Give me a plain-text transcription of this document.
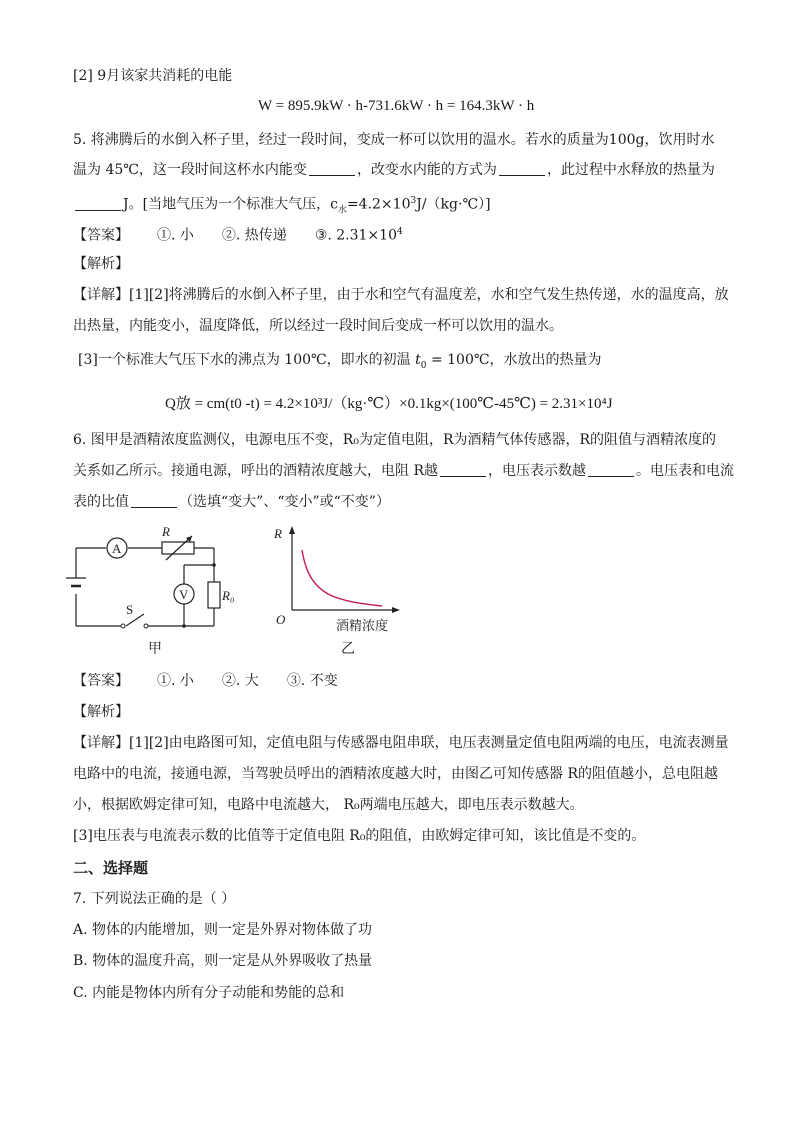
[2] 9月该家共消耗的电能
W = 895.9kW · h-731.6kW · h = 164.3kW · h
5. 将沸腾后的水倒入杯子里，经过一段时间，变成一杯可以饮用的温水。若水的质量为100g，饮用时水
温为 45℃，这一段时间这杯水内能变	，改变水内能的方式为	，此过程中水释放的热量为
J。[当地气压为一个标准大气压，$c_水=4.2\times 10^3J/(kg\cdot℃)$]
【答案】 ①. 小 ②. 热传递 ③. $2.31\times 10^4$
【解析】
【详解】[1][2]将沸腾后的水倒入杯子里，由于水和空气有温度差，水和空气发生热传递，水的温度高，放
出热量，内能变小，温度降低，所以经过一段时间后变成一杯可以饮用的温水。
[3]一个标准大气压下水的沸点为 100℃，即水的初温 $t_0$ = 100℃，水放出的热量为
Q放 = cm(t0 -t) = 4.2×10³J/（kg·℃）×0.1kg×(100℃-45℃) = 2.31×10⁴J
6. 图甲是酒精浓度监测仪，电源电压不变，R₀为定值电阻，R为酒精气体传感器，R的阻值与酒精浓度的
关系如乙所示。接通电源，呼出的酒精浓度越大，电阻 R越	，电压表示数越	。电压表和电流
表的比值	（选填“变大”、“变小”或“不变”）
A
V
R
R₀
S
甲
R
O	酒精浓度
乙
【答案】 ①. 小 ②. 大 ③. 不变
【解析】
【详解】[1][2]由电路图可知，定值电阻与传感器电阻串联，电压表测量定值电阻两端的电压，电流表测量
电路中的电流，接通电源，当驾驶员呼出的酒精浓度越大时，由图乙可知传感器 R的阻值越小，总电阻越
小，根据欧姆定律可知，电路中电流越大， R₀两端电压越大，即电压表示数越大。
[3]电压表与电流表示数的比值等于定值电阻 R₀的阻值，由欧姆定律可知，该比值是不变的。
二、选择题
7. 下列说法正确的是（ ）
A. 物体的内能增加，则一定是外界对物体做了功
B. 物体的温度升高，则一定是从外界吸收了热量
C. 内能是物体内所有分子动能和势能的总和
